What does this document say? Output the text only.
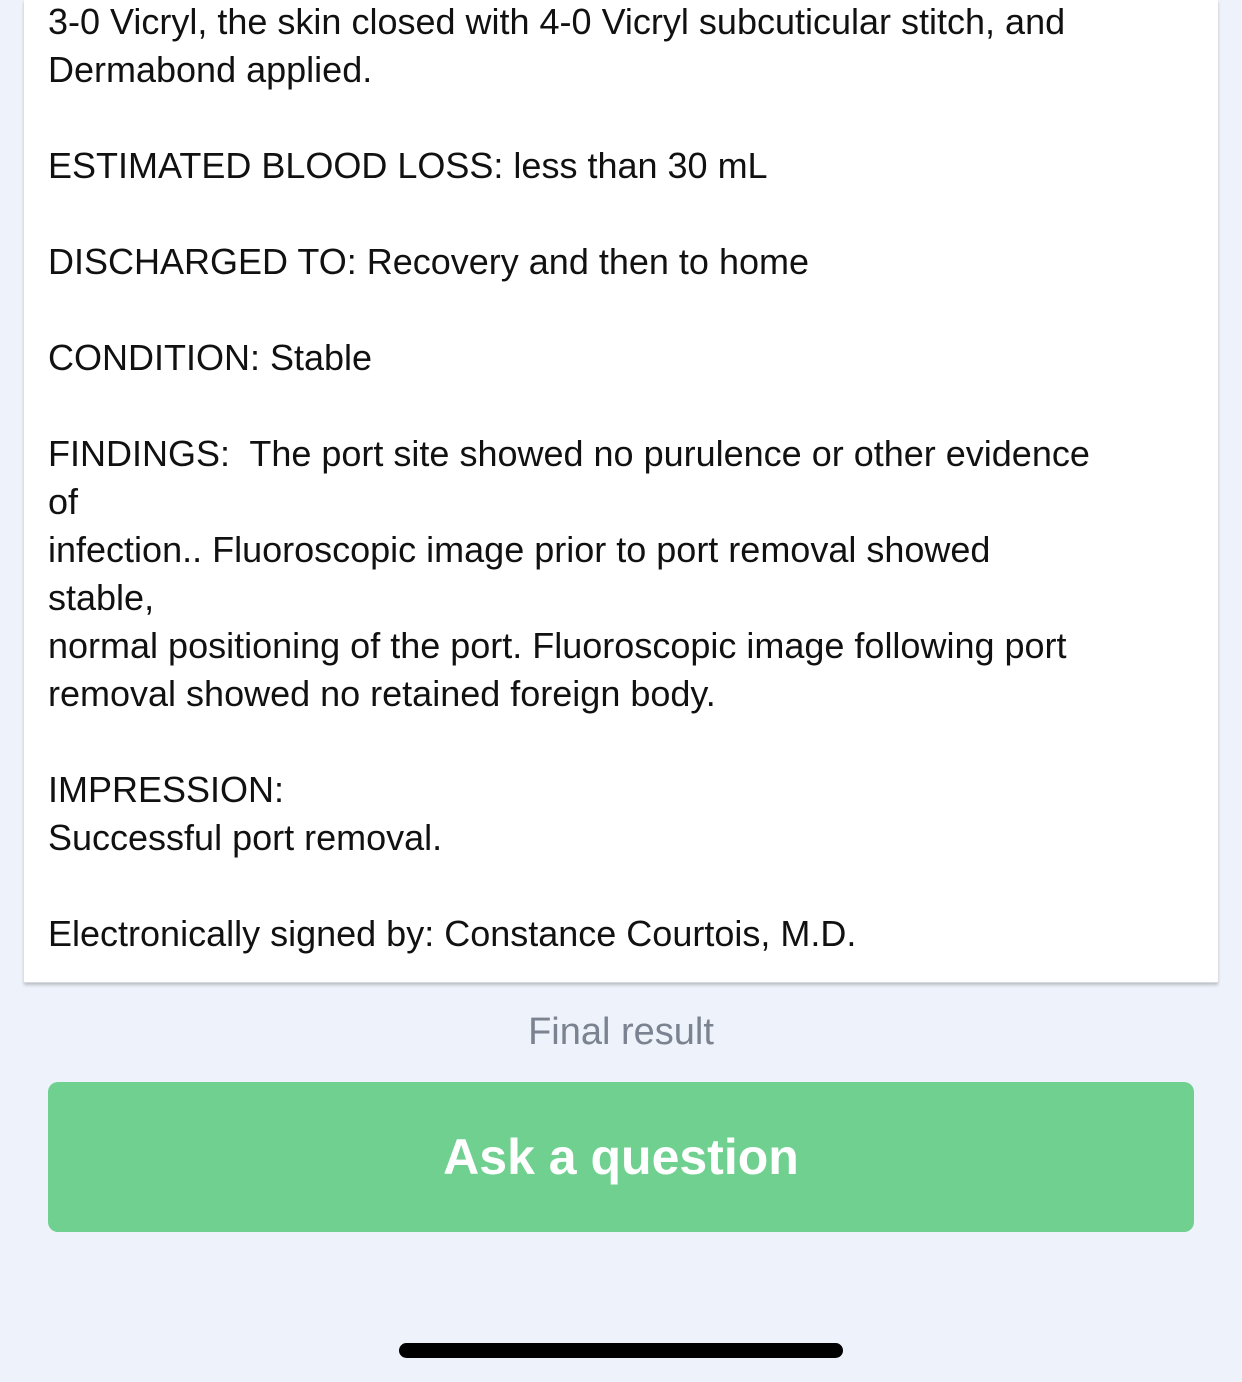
3-0 Vicryl, the skin closed with 4-0 Vicryl subcuticular stitch, and
Dermabond applied.
ESTIMATED BLOOD LOSS: less than 30 mL
DISCHARGED TO: Recovery and then to home
CONDITION: Stable
FINDINGS:  The port site showed no purulence or other evidence
of
infection.. Fluoroscopic image prior to port removal showed
stable,
normal positioning of the port. Fluoroscopic image following port
removal showed no retained foreign body.
IMPRESSION:
Successful port removal.
Electronically signed by: Constance Courtois, M.D.
Final result
Ask a question
